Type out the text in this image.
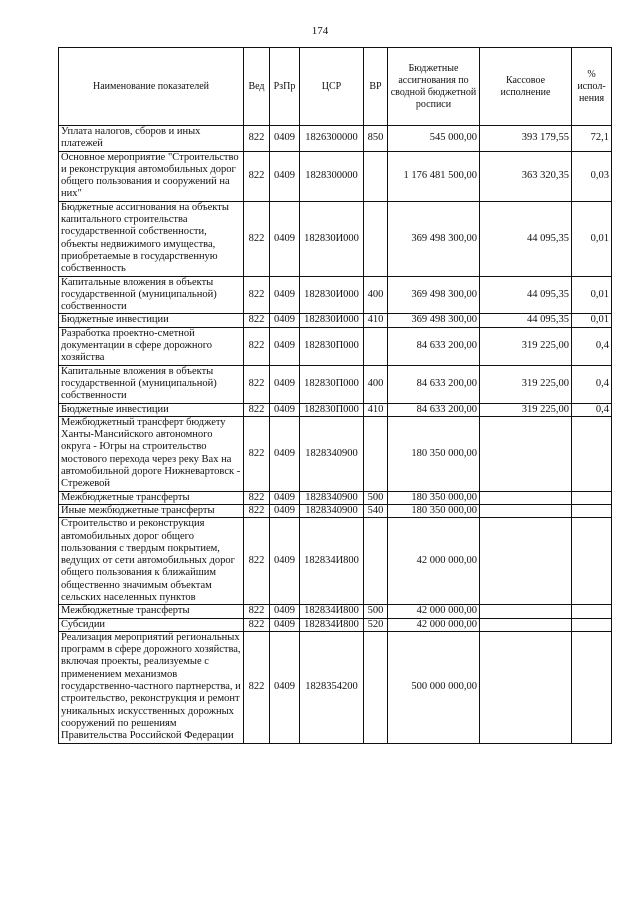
174
Наименование показателей	Вед	РзПр	ЦСР	ВР	Бюджетные ассигнования по сводной бюджетной росписи	Кассовое исполнение	% испол-нения
Уплата налогов, сборов и иных платежей	822	0409	1826300000	850	545 000,00	393 179,55	72,1
Основное мероприятие "Строительство и реконструкция автомобильных дорог общего пользования и сооружений на них"	822	0409	1828300000		1 176 481 500,00	363 320,35	0,03
Бюджетные ассигнования на объекты капитального строительства государственной собственности, объекты недвижимого имущества, приобретаемые в государственную собственность	822	0409	182830И000		369 498 300,00	44 095,35	0,01
Капитальные вложения в объекты государственной (муниципальной) собственности	822	0409	182830И000	400	369 498 300,00	44 095,35	0,01
Бюджетные инвестиции	822	0409	182830И000	410	369 498 300,00	44 095,35	0,01
Разработка проектно-сметной документации в сфере дорожного хозяйства	822	0409	182830П000		84 633 200,00	319 225,00	0,4
Капитальные вложения в объекты государственной (муниципальной) собственности	822	0409	182830П000	400	84 633 200,00	319 225,00	0,4
Бюджетные инвестиции	822	0409	182830П000	410	84 633 200,00	319 225,00	0,4
Межбюджетный трансферт бюджету Ханты-Мансийского автономного округа - Югры на строительство мостового перехода через реку Вах на автомобильной дороге Нижневартовск - Стрежевой	822	0409	1828340900		180 350 000,00		
Межбюджетные трансферты	822	0409	1828340900	500	180 350 000,00		
Иные межбюджетные трансферты	822	0409	1828340900	540	180 350 000,00		
Строительство и реконструкция автомобильных дорог общего пользования с твердым покрытием, ведущих от сети автомобильных дорог общего пользования к ближайшим общественно значимым объектам сельских населенных пунктов	822	0409	182834И800		42 000 000,00		
Межбюджетные трансферты	822	0409	182834И800	500	42 000 000,00		
Субсидии	822	0409	182834И800	520	42 000 000,00		
Реализация мероприятий региональных программ в сфере дорожного хозяйства, включая проекты, реализуемые с применением механизмов государственно-частного партнерства, и строительство, реконструкция и ремонт уникальных искусственных дорожных сооружений по решениям Правительства Российской Федерации	822	0409	1828354200		500 000 000,00		
